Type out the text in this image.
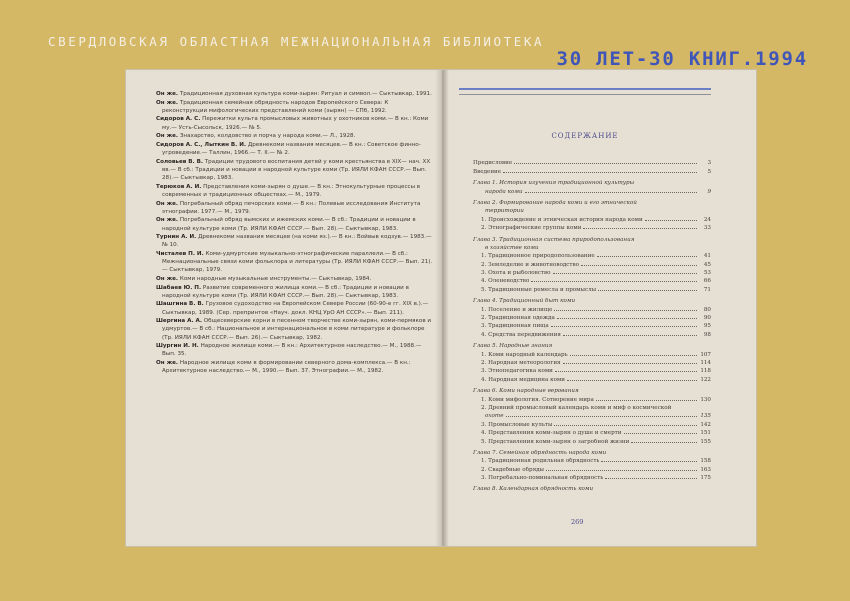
СВЕРДЛОВСКАЯ ОБЛАСТНАЯ МЕЖНАЦИОНАЛЬНАЯ БИБЛИОТЕКА
30 ЛЕТ-30 КНИГ.1994
Он же. Традиционная духовная культура коми-зырян: Ритуал и символ.— Сыктывкар, 1991.
Он же. Традиционная семейная обрядность народов Европейского Севера: К реконструкции мифологических представлений коми (зырян) — СПб, 1992.
Сидоров А. С. Пережитки культа промысловых животных у охотников коми.— В кн.: Коми му.— Усть-Сысольск, 1926.— № 5.
Он же. Знахарство, колдовство и порча у народа коми.— Л., 1928.
Сидоров А. С., Лыткин В. И. Древнекоми названия месяцев.— В кн.: Советское финно-угроведение.— Таллин, 1966.— Т. II.— № 2.
Соловьев В. В. Традиции трудового воспитания детей у коми крестьянства в XIX— нач. XX вв.— В сб.: Традиции и новации в народной культуре коми (Тр. ИЯЛИ КФАН СССР.— Вып. 28).— Сыктывкар, 1983.
Терюков А. И. Представления коми-зырян о душе.— В кн.: Этнокультурные процессы в современных и традиционных обществах.— М., 1979.
Он же. Погребальный обряд печорских коми.— В кн.: Полевые исследования Института этнографии. 1977.— М., 1979.
Он же. Погребальный обряд вымских и ижемских коми.— В сб.: Традиции и новации в народной культуре коми (Тр. ИЯЛИ КФАН СССР.— Вып. 28).— Сыктывкар, 1983.
Турнин А. И. Древнекоми названия месяцев (на коми яз.).— В кн.: Войвыв кодзув.— 1983.— № 10.
Чисталев П. И. Коми-удмуртские музыкально-этнографические параллели.— В сб.: Межнациональные связи коми фольклора и литературы (Тр. ИЯЛИ КФАН СССР.— Вып. 21).— Сыктывкар, 1979.
Он же. Коми народные музыкальные инструменты.— Сыктывкар, 1984.
Шабаев Ю. П. Развитие современного жилища коми.— В сб.: Традиции и новации в народной культуре коми (Тр. ИЯЛИ КФАН СССР.— Вып. 28).— Сыктывкар, 1983.
Шашгина В. В. Грузовое судоходство на Европейском Севере России (60-90-е гг. XIX в.).— Сыктывкар, 1989. (Сер. препринтов «Науч. докл. КНЦ УрО АН СССР».— Вып. 211).
Шергина А. А. Общесеверские корни в песенном творчестве коми-зырян, коми-пермяков и удмуртов.— В сб.: Национальное и интернациональное в коми литературе и фольклоре (Тр. ИЯЛИ КФАН СССР.— Вып. 26).— Сыктывкар, 1982.
Шургин И. Н. Народное жилище коми.— В кн.: Архитектурное наследство.— М., 1988.— Вып. 35.
Он же. Народное жилище коми в формировании северного дома-комплекса.— В кн.: Архитектурное наследство.— М., 1990.— Вып. 37. Этнографии.— М., 1982.
СОДЕРЖАНИЕ
Предисловие	3
Введение	5
Глава 1. История изучения традиционной культуры
народа коми	9
Глава 2. Формирование народа коми и его этнической
территории
1. Происхождение и этническая история народа коми	24
2. Этнографические группы коми	33
Глава 3. Традиционная система природопользования
в хозяйстве коми
1. Традиционное природопользование	41
2. Земледелие и животноводство	45
3. Охота и рыболовство	53
4. Оленеводство	66
5. Традиционные ремесла и промыслы	71
Глава 4. Традиционный быт коми
1. Поселение и жилище	80
2. Традиционная одежда	90
3. Традиционная пища	95
4. Средства передвижения	98
Глава 5. Народные знания
1. Коми народный календарь	107
2. Народная метеорология	114
3. Этнопедагогика коми	118
4. Народная медицина коми	122
Глава 6. Коми народные верования
1. Коми мифология. Сотворение мира	130
2. Древний промысловый календарь коми и миф о космической
охоте	135
3. Промысловые культы	142
4. Представления коми-зырян о душе и смерти	151
5. Представления коми-зырян о загробной жизни	155
Глава 7. Семейная обрядность народа коми
1. Традиционная родильная обрядность	158
2. Свадебные обряды	163
3. Погребально-поминальная обрядность	175
Глава 8. Календарная обрядность коми
269
